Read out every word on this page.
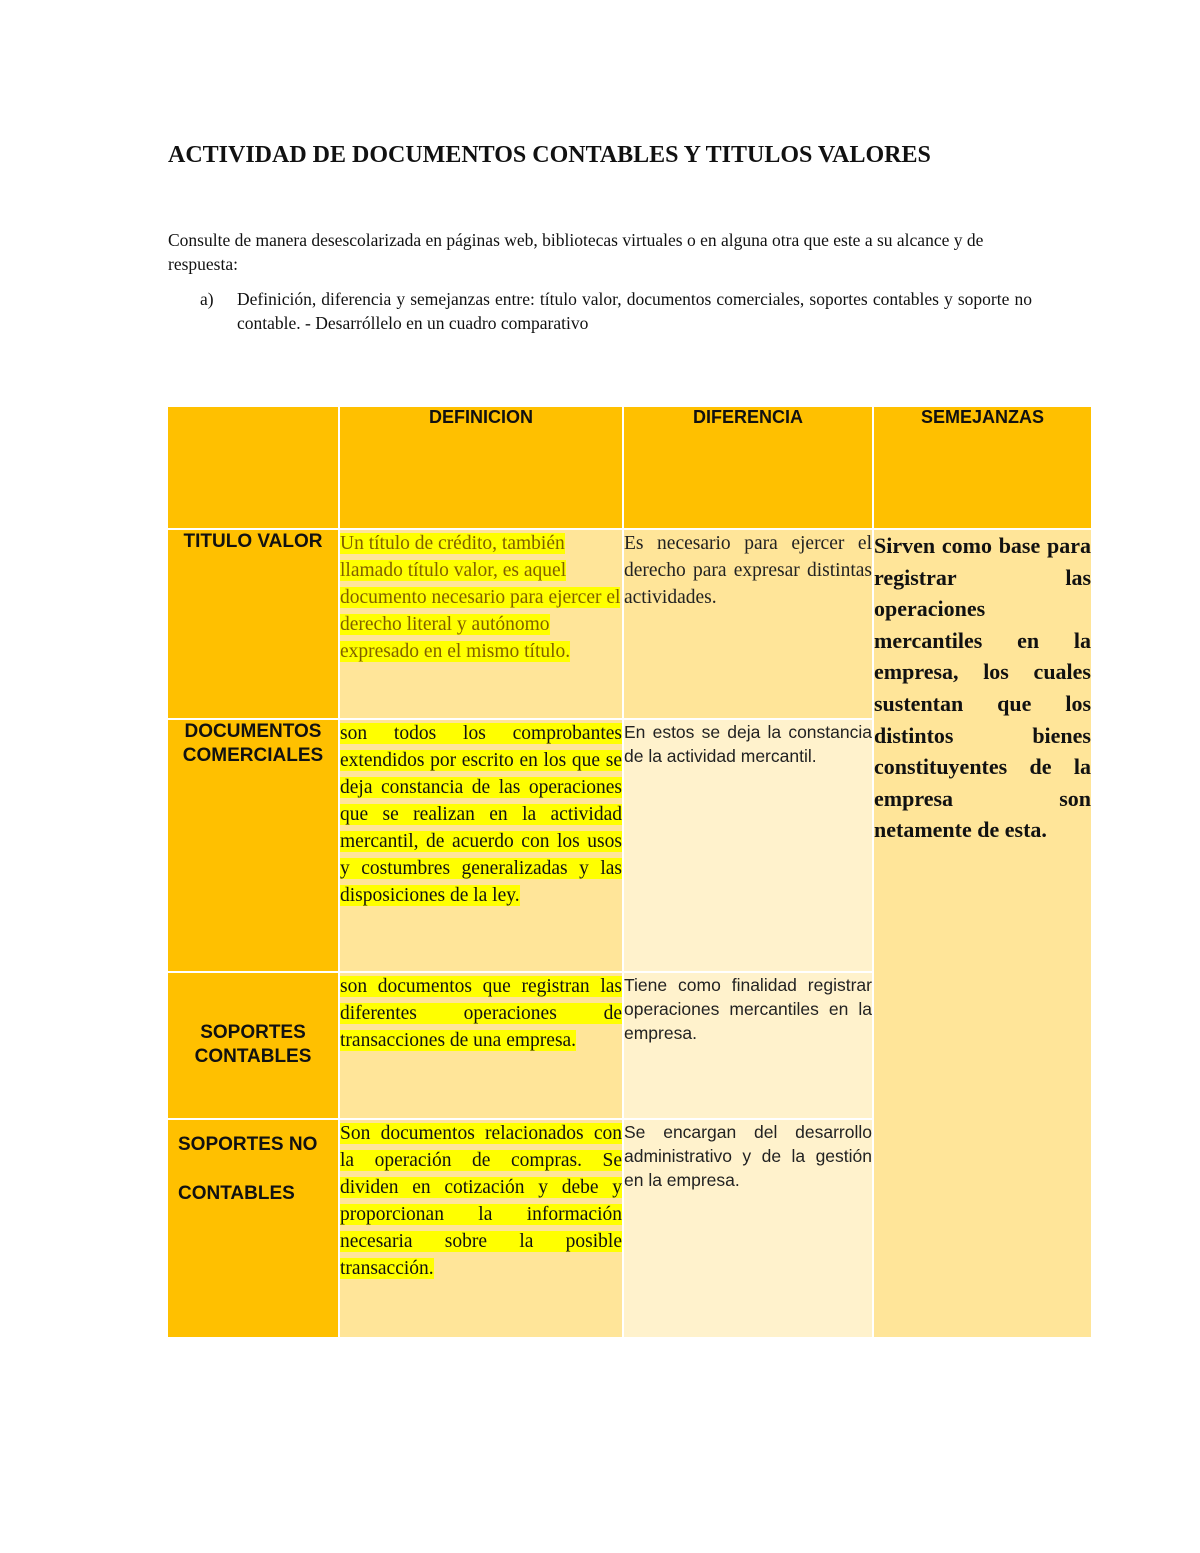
ACTIVIDAD DE DOCUMENTOS CONTABLES Y TITULOS VALORES

Consulte de manera desescolarizada en páginas web, bibliotecas virtuales o en alguna otra que este a su alcance y de respuesta:

a)	Definición, diferencia y semejanzas entre: título valor, documentos comerciales, soportes contables y soporte no contable. - Desarróllelo en un cuadro comparativo
	DEFINICION	DIFERENCIA	SEMEJANZAS

TITULO VALOR	Un título de crédito, también llamado título valor, es aquel documento necesario para ejercer el derecho literal y autónomo expresado en el mismo título.	Es necesario para ejercer el derecho para expresar distintas actividades.	Sirven como base para registrar las operaciones mercantiles en la empresa, los cuales sustentan que los distintos bienes constituyentes de la empresa son netamente de esta.

DOCUMENTOS COMERCIALES	son todos los comprobantes extendidos por escrito en los que se deja constancia de las operaciones que se realizan en la actividad mercantil, de acuerdo con los usos y costumbres generalizadas y las disposiciones de la ley.	En estos se deja la constancia de la actividad mercantil.	

SOPORTES CONTABLES	son documentos que registran las diferentes operaciones de transacciones de una empresa.	Tiene como finalidad registrar operaciones mercantiles en la empresa.	

SOPORTES NO CONTABLES	Son documentos relacionados con la operación de compras. Se dividen en cotización y debe y proporcionan la información necesaria sobre la posible transacción.	Se encargan del desarrollo administrativo y de la gestión en la empresa.	
